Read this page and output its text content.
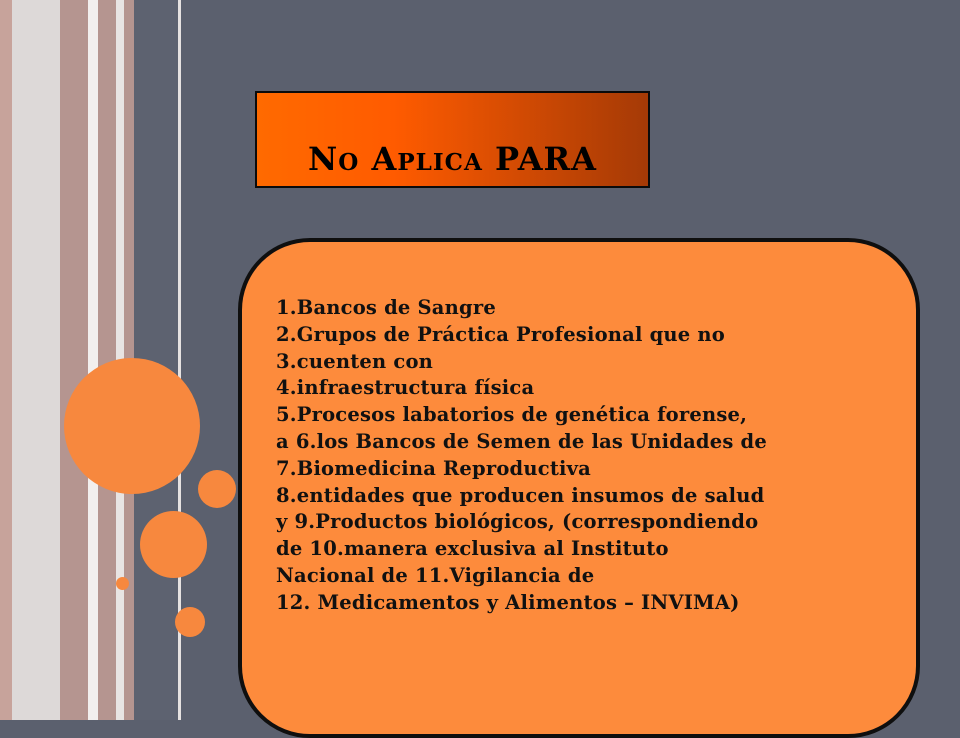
NO APLICA PARA
1.Bancos de Sangre
2.Grupos de Práctica Profesional que no
3.cuenten con
4.infraestructura física
5.Procesos labatorios de genética forense,
a 6.los Bancos de Semen de las Unidades de
7.Biomedicina Reproductiva
8.entidades que producen insumos de salud
y 9.Productos biológicos, (correspondiendo
de 10.manera exclusiva al Instituto
Nacional de 11.Vigilancia de
12. Medicamentos y Alimentos – INVIMA)
